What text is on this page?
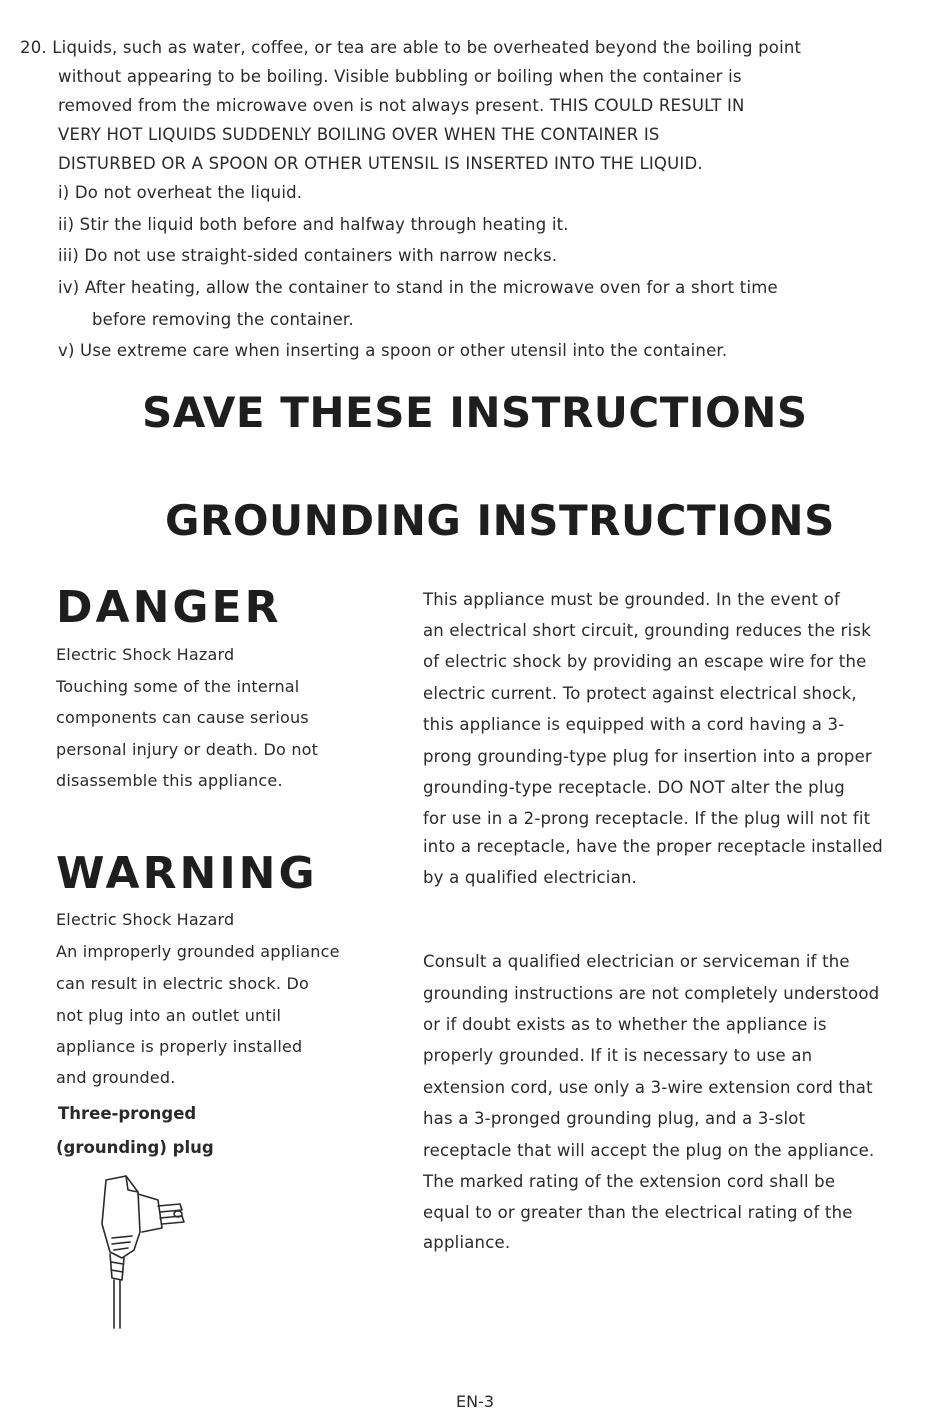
20. Liquids, such as water, coffee, or tea are able to be overheated beyond the boiling point
without appearing to be boiling. Visible bubbling or boiling when the container is
removed from the microwave oven is not always present. THIS COULD RESULT IN
VERY HOT LIQUIDS SUDDENLY BOILING OVER WHEN THE CONTAINER IS
DISTURBED OR A SPOON OR OTHER UTENSIL IS INSERTED INTO THE LIQUID.
i) Do not overheat the liquid.
ii) Stir the liquid both before and halfway through heating it.
iii) Do not use straight-sided containers with narrow necks.
iv) After heating, allow the container to stand in the microwave oven for a short time
before removing the container.
v) Use extreme care when inserting a spoon or other utensil into the container.
SAVE THESE INSTRUCTIONS
GROUNDING INSTRUCTIONS
DANGER
Electric Shock Hazard
Touching some of the internal
components can cause serious
personal injury or death. Do not
disassemble this appliance.
WARNING
Electric Shock Hazard
An improperly grounded appliance
can result in electric shock. Do
not plug into an outlet until
appliance is properly installed
and grounded.
Three-pronged
(grounding) plug
This appliance must be grounded. In the event of
an electrical short circuit, grounding reduces the risk
of electric shock by providing an escape wire for the
electric current. To protect against electrical shock,
this appliance is equipped with a cord having a 3-
prong grounding-type plug for insertion into a proper
grounding-type receptacle. DO NOT alter the plug
for use in a 2-prong receptacle. If the plug will not fit
into a receptacle, have the proper receptacle installed
by a qualified electrician.
Consult a qualified electrician or serviceman if the
grounding instructions are not completely understood
or if doubt exists as to whether the appliance is
properly grounded. If it is necessary to use an
extension cord, use only a 3-wire extension cord that
has a 3-pronged grounding plug, and a 3-slot
receptacle that will accept the plug on the appliance.
The marked rating of the extension cord shall be
equal to or greater than the electrical rating of the
appliance.
EN-3
